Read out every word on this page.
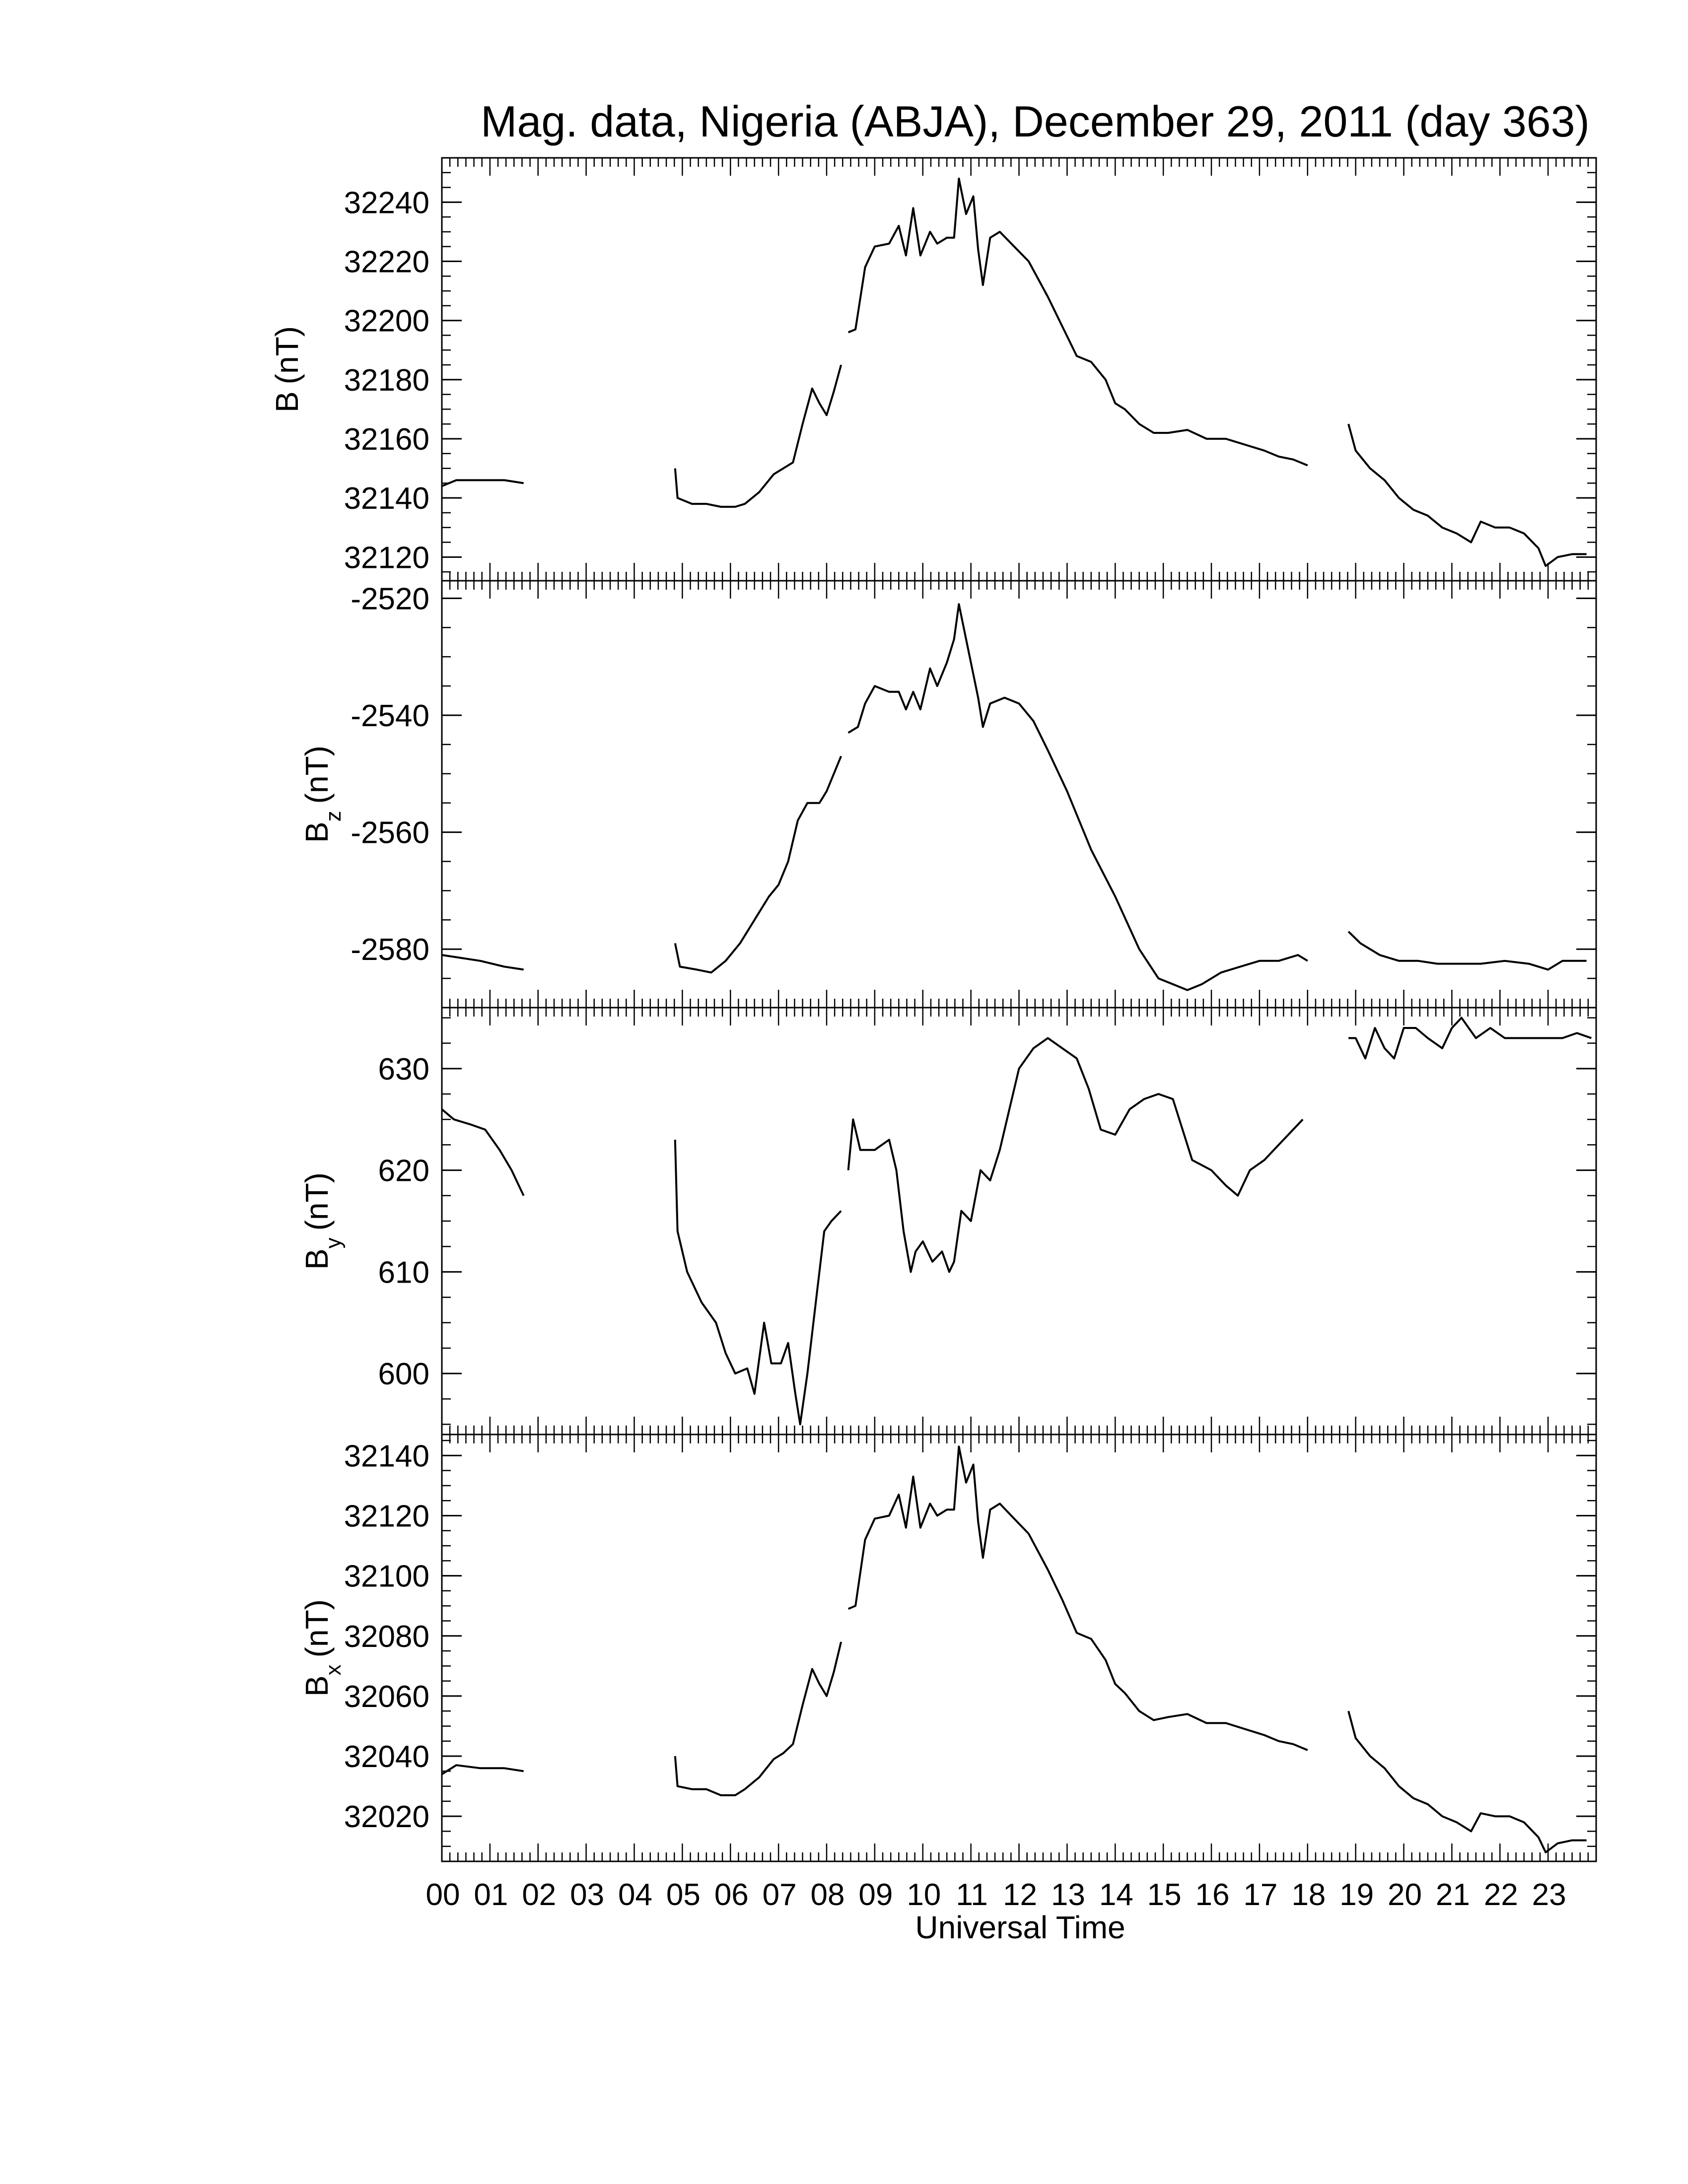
Mag. data, Nigeria (ABJA), December 29, 2011 (day 363)
32120
32140
32160
32180
32200
32220
32240
B(nT)
-2520
-2540
-2560
-2580
$B_z(nT)$
600
610
620
630
$B_y(nT)$
32020
32040
32060
32080
32100
32120
32140
$B_x(nT)$
00 01 02 03 04 05 06 07 08 09 10 11 12 13 14 15 16 17 18 19 20 21 22 23
Universal Time
